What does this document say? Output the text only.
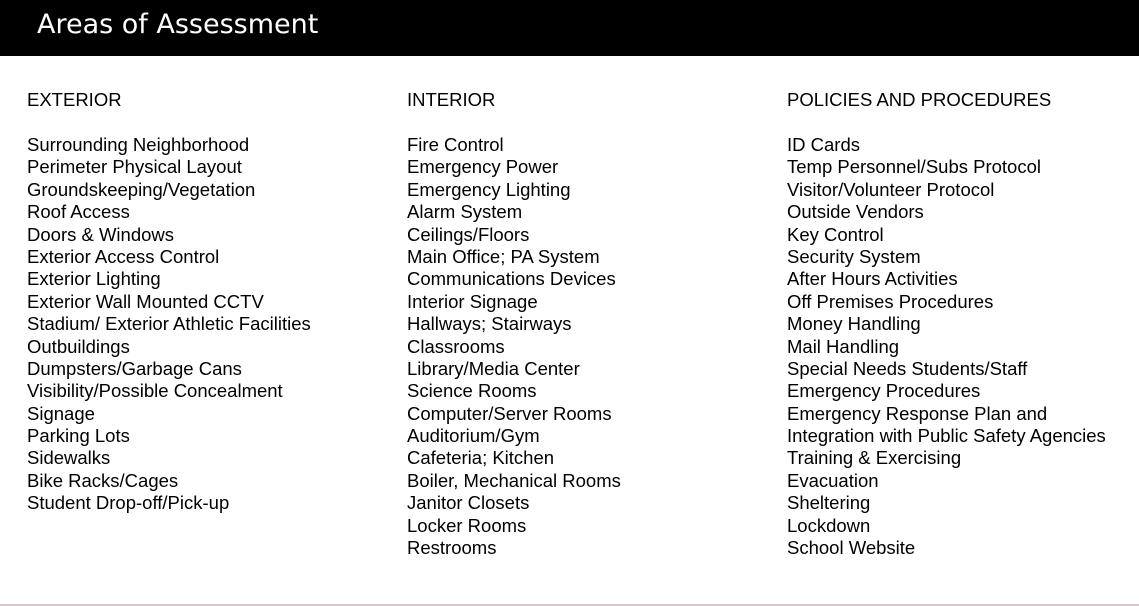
Areas of Assessment
EXTERIOR
Surrounding Neighborhood
Perimeter Physical Layout
Groundskeeping/Vegetation
Roof Access
Doors & Windows
Exterior Access Control
Exterior Lighting
Exterior Wall Mounted CCTV
Stadium/ Exterior Athletic Facilities
Outbuildings
Dumpsters/Garbage Cans
Visibility/Possible Concealment
Signage
Parking Lots
Sidewalks
Bike Racks/Cages
Student Drop-off/Pick-up
INTERIOR
Fire Control
Emergency Power
Emergency Lighting
Alarm System
Ceilings/Floors
Main Office; PA System
Communications Devices
Interior Signage
Hallways; Stairways
Classrooms
Library/Media Center
Science Rooms
Computer/Server Rooms
Auditorium/Gym
Cafeteria; Kitchen
Boiler, Mechanical Rooms
Janitor Closets
Locker Rooms
Restrooms
POLICIES AND PROCEDURES
ID Cards
Temp Personnel/Subs Protocol
Visitor/Volunteer Protocol
Outside Vendors
Key Control
Security System
After Hours Activities
Off Premises Procedures
Money Handling
Mail Handling
Special Needs Students/Staff
Emergency Procedures
Emergency Response Plan and
Integration with Public Safety Agencies
Training & Exercising
Evacuation
Sheltering
Lockdown
School Website
